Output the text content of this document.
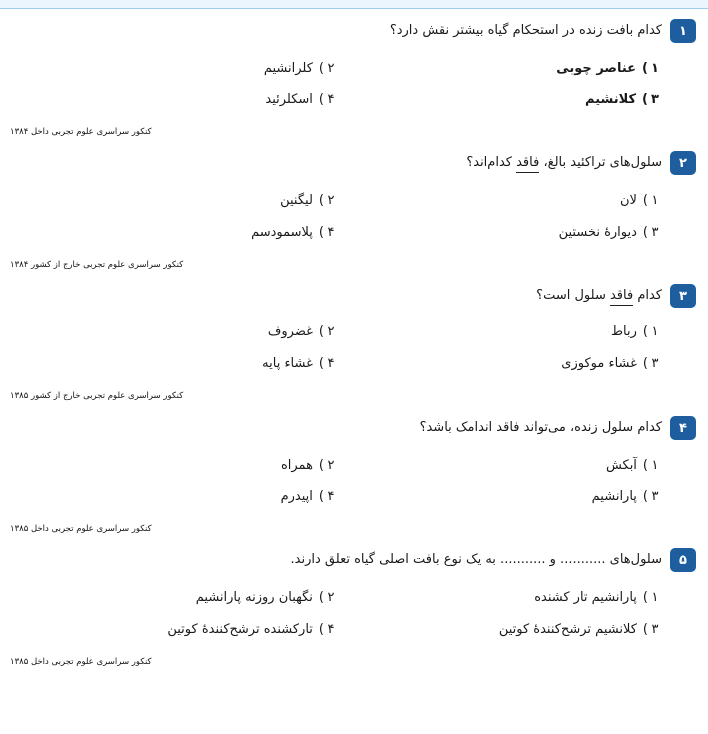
۱
کدام بافت زنده در استحکام گیاه بیشتر نقش دارد؟
۱)عناصر چوبی
۲)کلرانشیم
۳)کلانشیم
۴)اسکلرئید
کنکور سراسری علوم تجربی داخل ۱۳۸۴
۲
سلول‌های تراکئید بالغ، فاقد کدام‌اند؟
۱)لان
۲)لیگنین
۳)دیوارهٔ نخستین
۴)پلاسمودسم
کنکور سراسری علوم تجربی خارج از کشور ۱۳۸۴
۳
کدام فاقد سلول است؟
۱)رباط
۲)غضروف
۳)غشاء موکوزی
۴)غشاء پایه
کنکور سراسری علوم تجربی خارج از کشور ۱۳۸۵
۴
کدام سلول زنده، می‌تواند فاقد اندامک باشد؟
۱)آبکش
۲)همراه
۳)پارانشیم
۴)اپیدرم
کنکور سراسری علوم تجربی داخل ۱۳۸۵
۵
سلول‌های ........... و ........... به یک نوع بافت اصلی گیاه تعلق دارند.
۱)پارانشیم تار کشنده
۲)نگهبان روزنه پارانشیم
۳)کلانشیم ترشح‌کنندهٔ کوتین
۴)تارکشنده ترشح‌کنندهٔ کوتین
کنکور سراسری علوم تجربی داخل ۱۳۸۵
